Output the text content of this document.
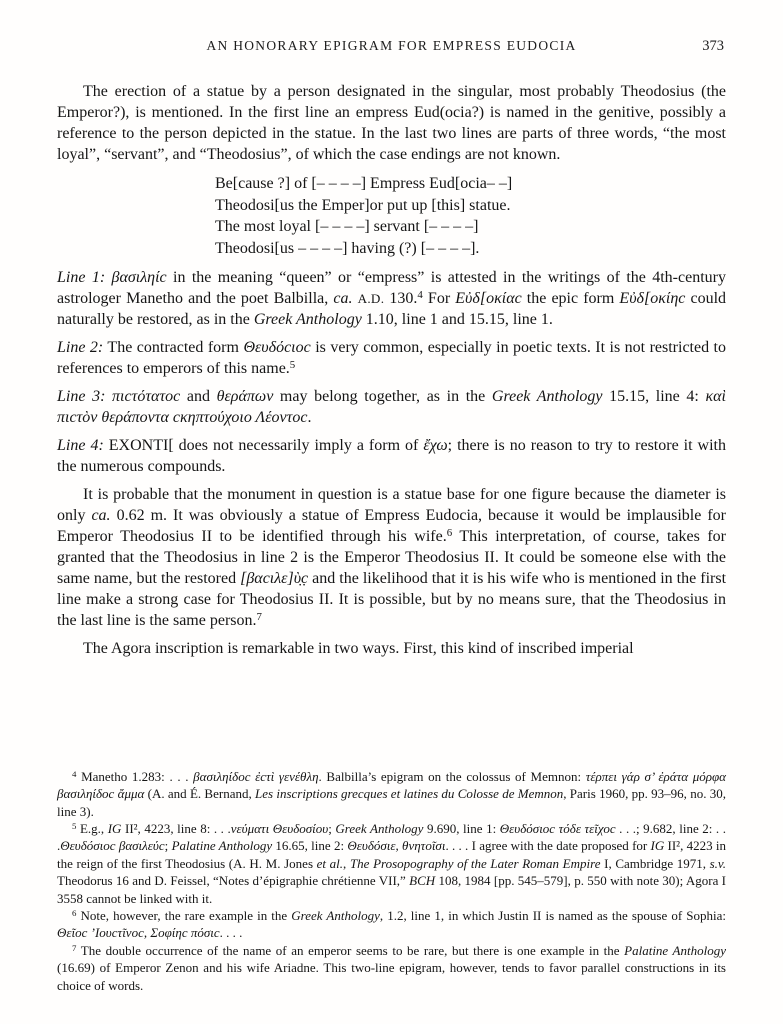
AN HONORARY EPIGRAM FOR EMPRESS EUDOCIA	373

The erection of a statue by a person designated in the singular, most probably Theodosius (the Emperor?), is mentioned. In the first line an empress Eud(ocia?) is named in the genitive, possibly a reference to the person depicted in the statue. In the last two lines are parts of three words, “the most loyal”, “servant”, and “Theodosius”, of which the case endings are not known.

Be[cause ?] of [– – – –] Empress Eud[ocia– –]
Theodosi[us the Emper]or put up [this] statue.
The most loyal [– – – –] servant [– – – –]
Theodosi[us – – – –] having (?) [– – – –].

Line 1: βασιληίc in the meaning “queen” or “empress” is attested in the writings of the 4th-century astrologer Manetho and the poet Balbilla, ca. A.D. 130.$^4$ For Εὐδ[οκίαc the epic form Εὐδ[οκίηc could naturally be restored, as in the Greek Anthology 1.10, line 1 and 15.15, line 1.

Line 2: The contracted form Θευδόcιοc is very common, especially in poetic texts. It is not restricted to references to emperors of this name.$^5$

Line 3: πιcτότατοc and θεράπων may belong together, as in the Greek Anthology 15.15, line 4: καὶ πιcτὸν θεράποντα cκηπτούχοιο Λέοντοc.

Line 4: ΕΧΟΝΤΙ[ does not necessarily imply a form of ἔχω; there is no reason to try to restore it with the numerous compounds.

It is probable that the monument in question is a statue base for one figure because the diameter is only ca. 0.62 m. It was obviously a statue of Empress Eudocia, because it would be implausible for Emperor Theodosius II to be identified through his wife.$^6$ This interpretation, of course, takes for granted that the Theodosius in line 2 is the Emperor Theodosius II. It could be someone else with the same name, but the restored [βαcιλε]ὺ̣c̣ and the likelihood that it is his wife who is mentioned in the first line make a strong case for Theodosius II. It is possible, but by no means sure, that the Theodosius in the last line is the same person.$^7$

The Agora inscription is remarkable in two ways. First, this kind of inscribed imperial

$^4$ Manetho 1.283: . . . βασιληίδοc ἐcτὶ γενέθλη. Balbilla’s epigram on the colossus of Memnon: τέρπει γάρ σ’ ἐράτα μόρφα βασιληίδοc ἄμμα (A. and É. Bernand, Les inscriptions grecques et latines du Colosse de Memnon, Paris 1960, pp. 93–96, no. 30, line 3).

$^5$ E.g., IG II², 4223, line 8: . . .νεύματι Θευδοσίου; Greek Anthology 9.690, line 1: Θευδόσιοc τόδε τεῖχοc . . .; 9.682, line 2: . . .Θευδόσιοc βασιλεύc; Palatine Anthology 16.65, line 2: Θευδόσιε, θνητοῖσι. . . . I agree with the date proposed for IG II², 4223 in the reign of the first Theodosius (A. H. M. Jones et al., The Prosopography of the Later Roman Empire I, Cambridge 1971, s.v. Theodorus 16 and D. Feissel, “Notes d’épigraphie chrétienne VII,” BCH 108, 1984 [pp. 545–579], p. 550 with note 30); Agora I 3558 cannot be linked with it.

$^6$ Note, however, the rare example in the Greek Anthology, 1.2, line 1, in which Justin II is named as the spouse of Sophia: Θεῖοc ’Ιουcτῖνοc, Σοφίηc πόσιc. . . .

$^7$ The double occurrence of the name of an emperor seems to be rare, but there is one example in the Palatine Anthology (16.69) of Emperor Zenon and his wife Ariadne. This two-line epigram, however, tends to favor parallel constructions in its choice of words.
